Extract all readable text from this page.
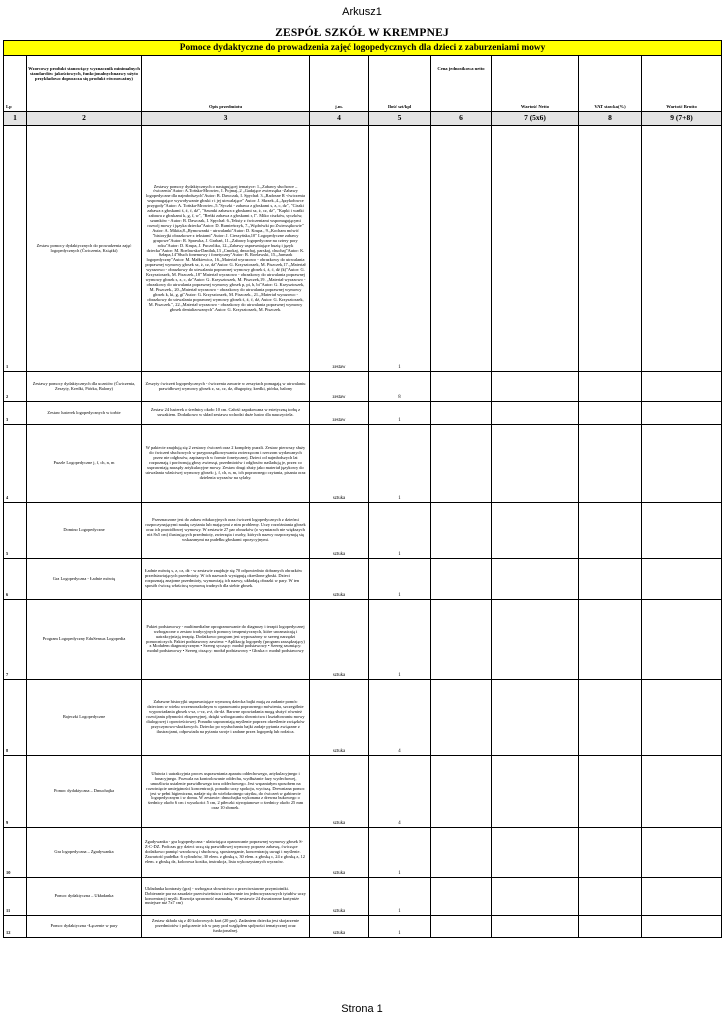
Arkusz1
ZESPÓŁ SZKÓŁ W KREMPNEJ
Pomoce dydaktyczne do prowadzenia zajęć logopedycznych dla dzieci z zaburzeniami mowy								
Lp	Wzorcowy produkt stanowiący wyznacznik minimalnych standardów jakościowych, funkcjonalnychnazwy użyto przykładowo dopuszcza się produkt równoważny)	Opis przedmiotu	j.m.	Ilość szt/kpl	Cena jednostkowa netto	Wartość Netto	VAT stawka(%)	Wartość Brutto
1	2	3	4	5	6	7 (5x6)	8	9 (7+8)
1	Zestaw pomocy dydaktycznych do prowadzenia zajęć logopedycznych (Ćwiczenia, Książki)	Zestawy pomocy dydaktycznych o następującej tematyce: 1.„Zabawy słuchowe – ćwiczenia"Autor: A.Tońska-Mrowiec, I. Pojmaj.,2 „Gadające zwierzątka -Zabawy logopedyczne dla najmłodszych"Autor: B. Dawczak, I. Spychał. 3.„Radosne R -ćwiczenia wspomagające wywoływanie głoski r i jej utrwalające" Autor: J. Skrzek.,4.„Językołowce przygody"Autor: A. Tońska-Mrowiec.,5."Syczki - zabawa z głoskami s, z, c, dz", "Ciszki zabawa z głoskami ś, ź, ć, dź", "Szumki zabawa z głoskami sz, ż, cz, dż", "Kapki i wańki zabawa z głoskami k, g, f, w", "Reńki zabawa z głoskami r, l". Miko ciszków, syczków, szumków - Autor: B. Dawczak, I. Spychał. 6.,Teksty z ćwiczeniami wspomagającymi rozwój mowy i języka dziecka"Autor: D. Rumieńczyk, 7.„Wędrówki po Zwierzątkowie" Autor: A. Mikita,8.„Rymowanki - utrwalanki"Autor: D. Krupa., 9.„Kocham mówić "historyjki obrazkowe z tekstami" Autor: J. Cieszyńska,10" Logopedyczne zabawy grupowe"Autor: R. Sprawka, J. Grabań, 11.„Zabawy logopedyczne na cztery pory roku"Autor: D. Krupa, J. Puczolika, 12.„Zabawy usprawniające buzię i język dziecka"Autor: M. Roelawska-Daniluk,13 „Cmokaj, dmuchaj, parskaj, chuchaj"Autor: K. Szłapa,14"Słuch fonemowy i fonetyczny"Autor: B. Roelawski, 15.„Jarmark logopedyczny"Autor: M. Małkiewicz, 16.„Materiał wyrazowo - obrazkowy do utrwalania poprawnej wymowy głosek sz, ż, cz, dż"Autor: G. Krzysztoszek, M. Piszczek,17.„Materiał wyrazowo - obrazkowy do utrwalania poprawnej wymowy głosek ś, ź, ć, dź (k)"Autor: G. Krzysztoszek, M. Piszczek.,18" Materiał wyrazowo - obrazkowy do utrwalania poprawnej wymowy głosek s, z, c, dz"Autor: G. Krzysztoszek, M. Piszczek,19. „Materiał wyrazowo - obrazkowy do utrwalania poprawnej wymowy głosek p, pi, b, bi"Autor: G. Krzysztoszek, M. Piszczek., 20.„Materiał wyrazowo - obrazkowy do utrwalania poprawnej wymowy głosek k, ki, g, gi"Autor: G. Krzysztoszek, M. Piszczek., 21.„Materiał wyrazowo - obrazkowy do utrwalania poprawnej wymowy głosek ś, ź, ć, dź, Autor: G. Krzysztoszek, M. Piszczek.", 22.„Materiał wyrazowo - obrazkowy do utrwalania poprawnej wymowy głosek dentalizowanych".Autor: G. Krzysztoszek, M. Piszczek.	zestaw	1				
2	Zestawy pomocy dydaktycznych dla uczniów (Ćwiczenia, Zeszyty, Kredki, Piórka, Balony)	Zeszyty ćwiczeń logopedycznych - ćwiczenia zawarte w zeszytach pomagają w utrwalaniu prawidłowej wymowy głosek z, sz, cz, dz, długopisy, kredki, piórka, balony	zestaw	8				
3	Zestaw lusterek logopedycznych w torbie	Zestaw 24 lusterek o średnicy około 10 cm. Całość zapakowana w estetyczną torbę z suwakiem. Dodatkowo w skład zestawu wchodzi duże lustro dla nauczyciela.	zestaw	1				
4	Puzzle Logopedyczne j, f, ch, n, m	W pakiecie znajdują się 2 zestawy ćwiczeń oraz 2 komplety puzzli. Zestaw pierwszy służy do ćwiczeń słuchowych w przyporządkowywaniu zwierzęcom i rzeczom wydawanych przez nie odgłosów, zapisanych w formie fonetycznej. Dzieci od najmłodszych lat rozpoznają i porównują głosy zwierząt, przedmiotów i odgłosów naśladują je, przez co usprawniają narządy artykulacyjne mowy. Zestaw drugi służy jako materiał językowy do utrwalania właściwej wymowy głosek: j, f, ch, n, m, ich poprawnego czytania, pisania oraz dzielenia wyrazów na sylaby.	sztuka	1				
5	Domino Logopedyczne	Przeznaczone jest do zabaw edukacyjnych oraz ćwiczeń logopedycznych z dziećmi rozpoczynającymi naukę czytania lub mającymi z nim problemy. Uczy rozróżniania głosek oraz ich prawidłowej wymowy. W zestawie 27 par obrazków (o wymiarach nie większych niż 8x5 cm) ilustrujących przedmioty, zwierzęta i osoby, których nazwy rozpoczynają się wskazanymi na pudełku głoskami opozycyjnymi.	sztuka	1				
6	Gra Logopedyczna - Ładnie mówię	Ładnie mówię s, z, cz, dż - w zestawie znajduje się 70 odpowiednio dobranych obrazków przedstawiających przedmioty. W ich nazwach występują określone głoski. Dzieci rozpoznają znajome przedmioty, wymawiają ich nazwy, układają obrazki w pary. W ten sposób ćwiczą właściwą wymowę trudnych dla siebie głosek.	sztuka	1				
7	Program Logopedyczny EduSensus Logopedia	Pakiet podstawowy - multimedialne oprogramowanie do diagnozy i terapii logopedycznej wzbogacone o zestaw tradycyjnych pomocy terapeutycznych, które urozmaicają i uatrakcyjniają terapię. Dodatkowo program jest wyposażony w szereg narzędzi pomocniczych. Pakiet podstawowy zawiera: • Aplikację logopedy (program zarządzający) z Modułem diagnostycznym • Szereg syczący: moduł podstawowy • Szereg szumiący: moduł podstawowy • Szereg ciszący: moduł podstawowy • Głoska r: moduł podstawowy	sztuka	1				
8	Bajeczki Logopedyczne	Zabawne historyjki usprawniające wymowę dziecka bajki mają za zadanie pomóc dzieciom w wieku wczesnoszkolnym w opanowaniu poprawnego mówienia, szczególnie wypowiadania głosek s-sz, c-cz, z-ż, dz-dż. Barwne opowiadania mogą służyć również rozwijaniu płynności ekspresyjnej, dzięki wzbogacaniu słownictwa i kształtowaniu mowy dialogowej i opowieściowej. Ponadto usprawniają myślenie poprzez określenie związków przyczynowo-skutkowych. Dziecko po wysłuchaniu bajki zadaje pytania związane z ilustracjami, odpowiada na pytania swoje i zadane przez logopedę lub rodzica.	sztuka	4				
9	Pomoc dydaktyczna – Dmuchajka	Ułatwia i uatrakcyjnia proces usprawniania aparatu oddechowego, artykulacyjnego i fonacyjnego. Pozwala na kontrolowanie oddechu, wydłużanie fazy wydechowej, umożliwia ustalenie prawidłowego toru oddechowego. Jest wspaniałym sposobem na rozwinięcie umiejętności koncentracji, ponadto uczy spokoju, wyciszą. Drewniana pomoc jest w pełni higieniczna, nadaje się do wielokrotnego użytku, do ćwiczeń w gabinecie logopedycznym i w domu. W zestawie: dmuchajka wykonana z drewna bukowego o średnicy około 6 cm i wysokości 5 cm, 2 piłeczki styropianowe o średnicy około 25 mm oraz 10 słomek.	sztuka	4				
10	Gra logopedyczna – Zgadywanka	Zgadywanka - gra logopedyczna - ułatwiająca opanowanie poprawnej wymowy głosek S-Z-C-DZ. Podczas gry dzieci uczą się prawidłowej wymowy poprzez zabawę, ćwiczące dodatkowo pamięć wzrokową i słuchową, spostrzeganie, koncentrację uwagi i myślenie. Zawartość pudełka: 6 cylindrów, 30 elem. z głoską s, 30 elem. z głoską c, 24 z głoską z, 12 elem. z głoską dz, kolorowa kostka, instrukcja, lista wykorzystanych wyrazów.	sztuka	1				
11	Pomoc dydaktyczna – Układanka	Układanka kontrasty (gra) - wzbogaca słownictwo o przeciwstawne przymiotniki. Dobieranie par na zasadzie przeciwieństwa i nadawanie im jednowyrazowych tytułów uczy koncentracji myśli. Rozwija sprawność manualną. W zestawie 24 dwustronne kartyniże mniejsze niż 7x7 cm)	sztuka	1				
12	Pomoc dydaktyczna -Łączenie w pary	Zestaw składa się z 40 kolorowych kart (20 par). Zadaniem dziecka jest skojarzenie przedmiotów i połączenie ich w pary pod względem spójności tematycznej oraz funkcjonalnej.	sztuka	1				
Strona 1
